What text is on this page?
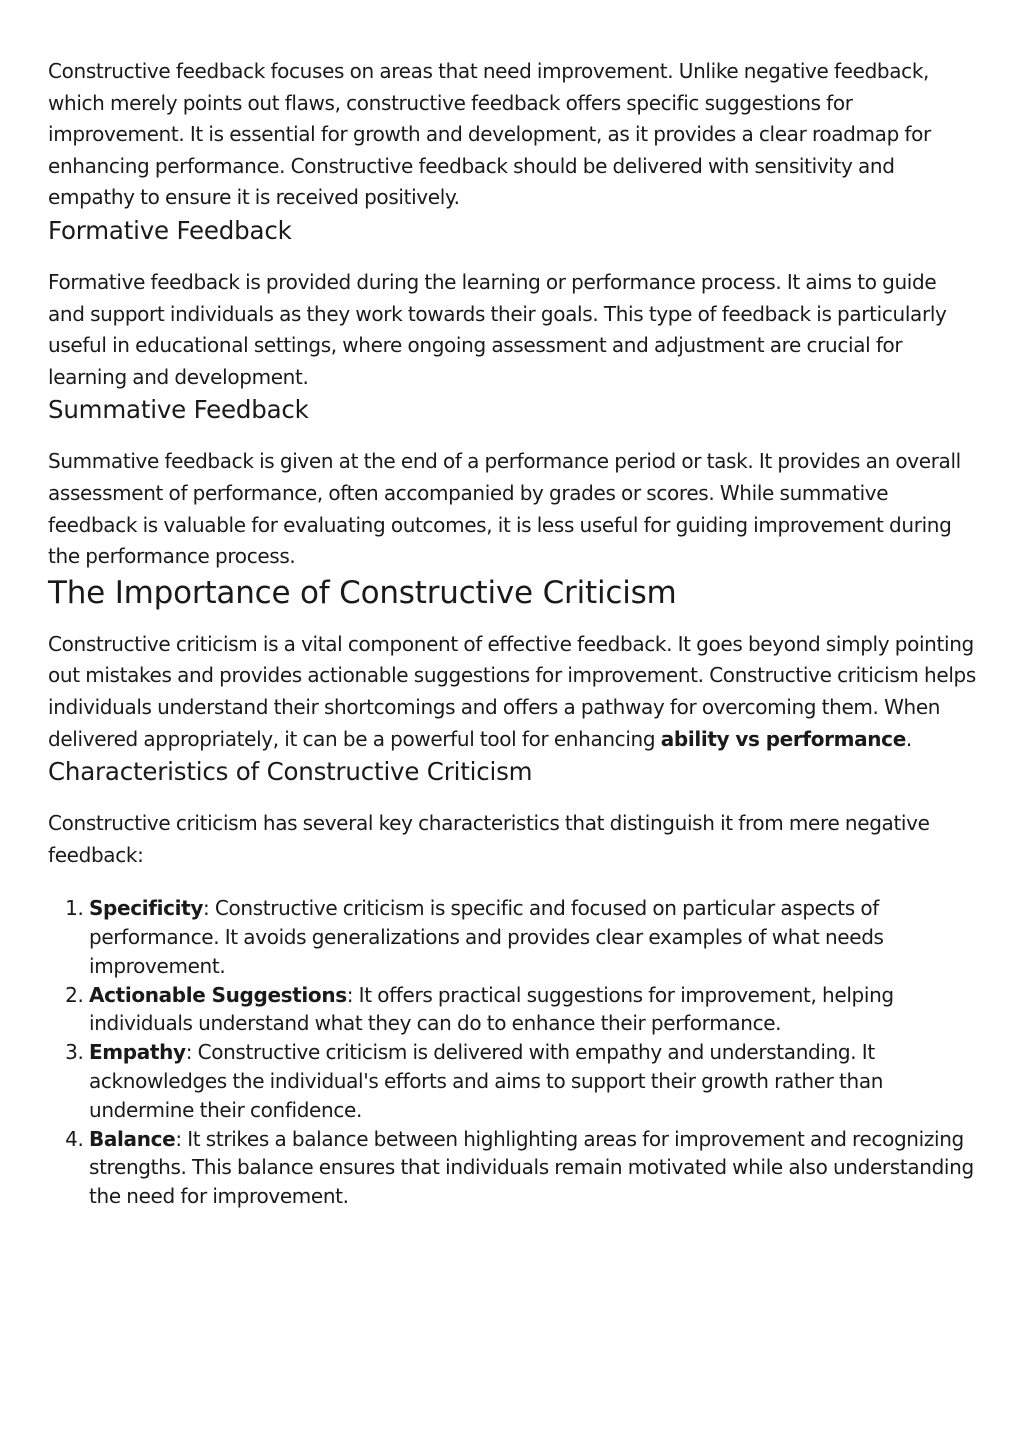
Constructive feedback focuses on areas that need improvement. Unlike negative feedback, which merely points out flaws, constructive feedback offers specific suggestions for improvement. It is essential for growth and development, as it provides a clear roadmap for enhancing performance. Constructive feedback should be delivered with sensitivity and empathy to ensure it is received positively.

Formative Feedback

Formative feedback is provided during the learning or performance process. It aims to guide and support individuals as they work towards their goals. This type of feedback is particularly useful in educational settings, where ongoing assessment and adjustment are crucial for learning and development.

Summative Feedback

Summative feedback is given at the end of a performance period or task. It provides an overall assessment of performance, often accompanied by grades or scores. While summative feedback is valuable for evaluating outcomes, it is less useful for guiding improvement during the performance process.

The Importance of Constructive Criticism

Constructive criticism is a vital component of effective feedback. It goes beyond simply pointing out mistakes and provides actionable suggestions for improvement. Constructive criticism helps individuals understand their shortcomings and offers a pathway for overcoming them. When delivered appropriately, it can be a powerful tool for enhancing ability vs performance.

Characteristics of Constructive Criticism

Constructive criticism has several key characteristics that distinguish it from mere negative feedback:

1. Specificity: Constructive criticism is specific and focused on particular aspects of performance. It avoids generalizations and provides clear examples of what needs improvement.
2. Actionable Suggestions: It offers practical suggestions for improvement, helping individuals understand what they can do to enhance their performance.
3. Empathy: Constructive criticism is delivered with empathy and understanding. It acknowledges the individual's efforts and aims to support their growth rather than undermine their confidence.
4. Balance: It strikes a balance between highlighting areas for improvement and recognizing strengths. This balance ensures that individuals remain motivated while also understanding the need for improvement.
